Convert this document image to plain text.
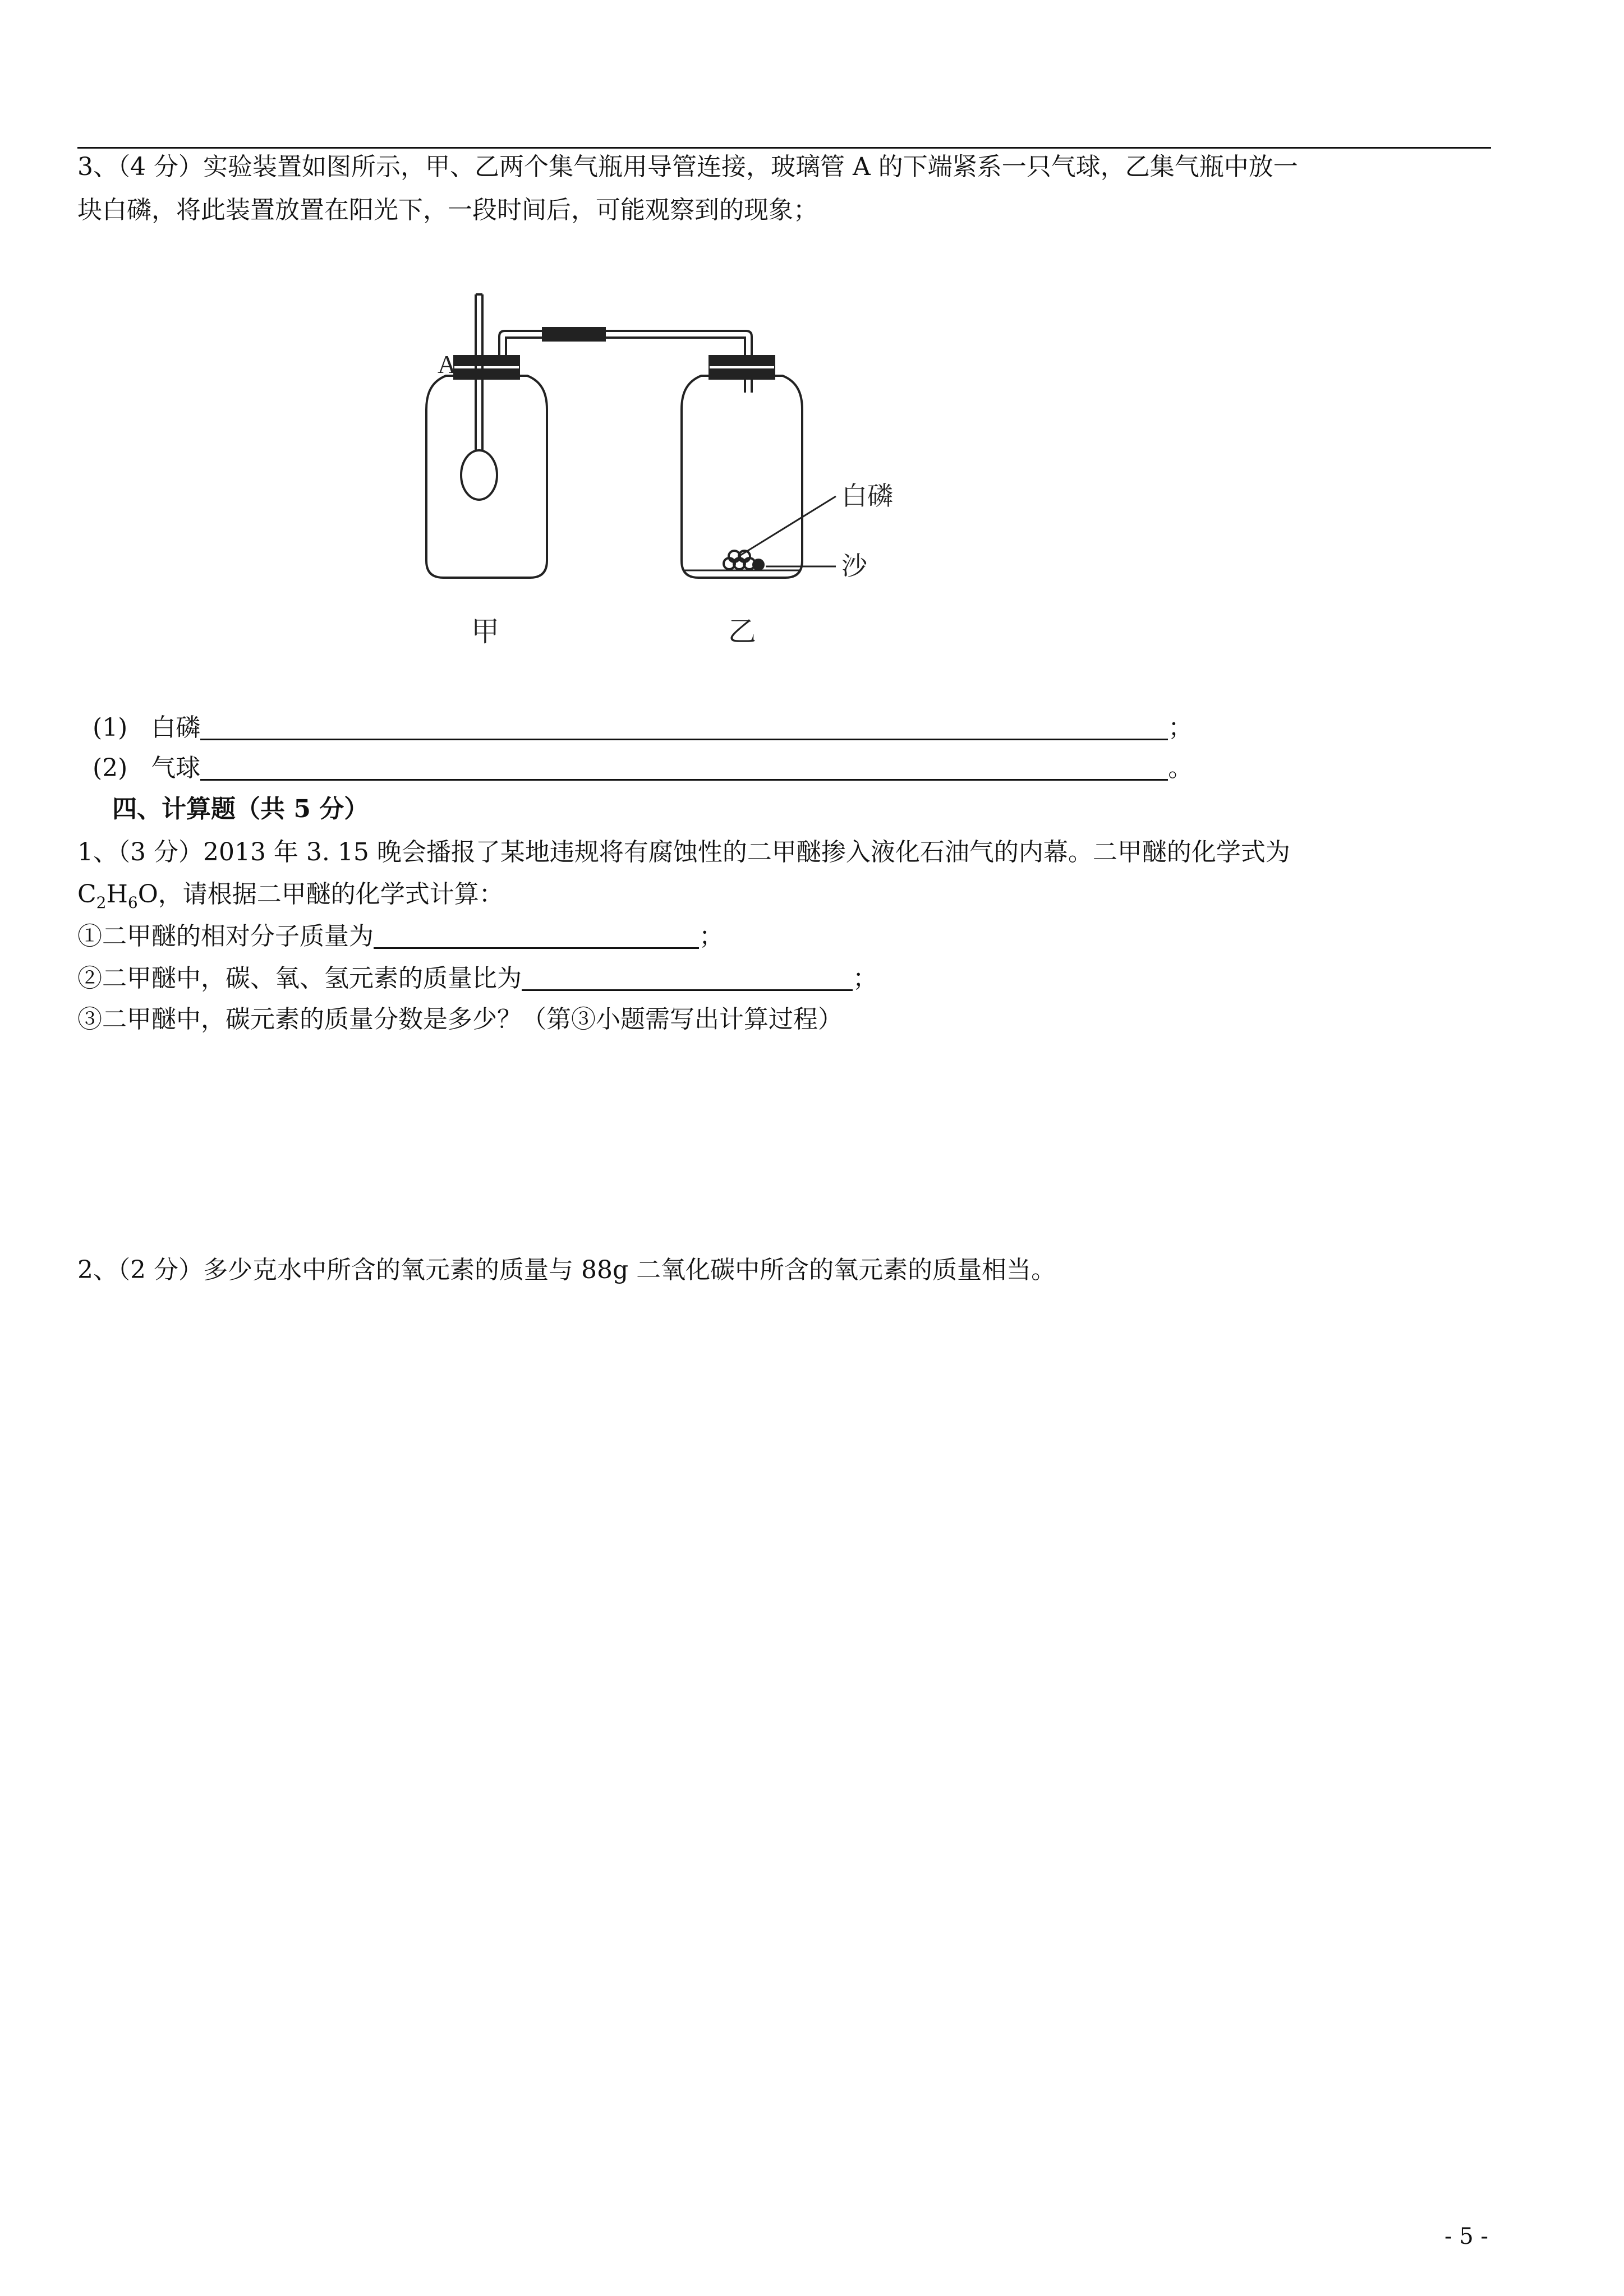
3、（4 分）实验装置如图所示，甲、乙两个集气瓶用导管连接，玻璃管 A 的下端紧系一只气球，乙集气瓶中放一
块白磷，将此装置放置在阳光下，一段时间后，可能观察到的现象；
A
白磷
沙
甲	乙
(1) 白磷	；
(2) 气球	。
四、计算题（共 5 分）
1、（3 分）2013 年 3. 15 晚会播报了某地违规将有腐蚀性的二甲醚掺入液化石油气的内幕。二甲醚的化学式为
$C_2H_6O$，请根据二甲醚的化学式计算：
①二甲醚的相对分子质量为	；
②二甲醚中，碳、氧、氢元素的质量比为	；
③二甲醚中，碳元素的质量分数是多少？（第③小题需写出计算过程）
2、（2 分）多少克水中所含的氧元素的质量与 88g 二氧化碳中所含的氧元素的质量相当。
- 5 -
